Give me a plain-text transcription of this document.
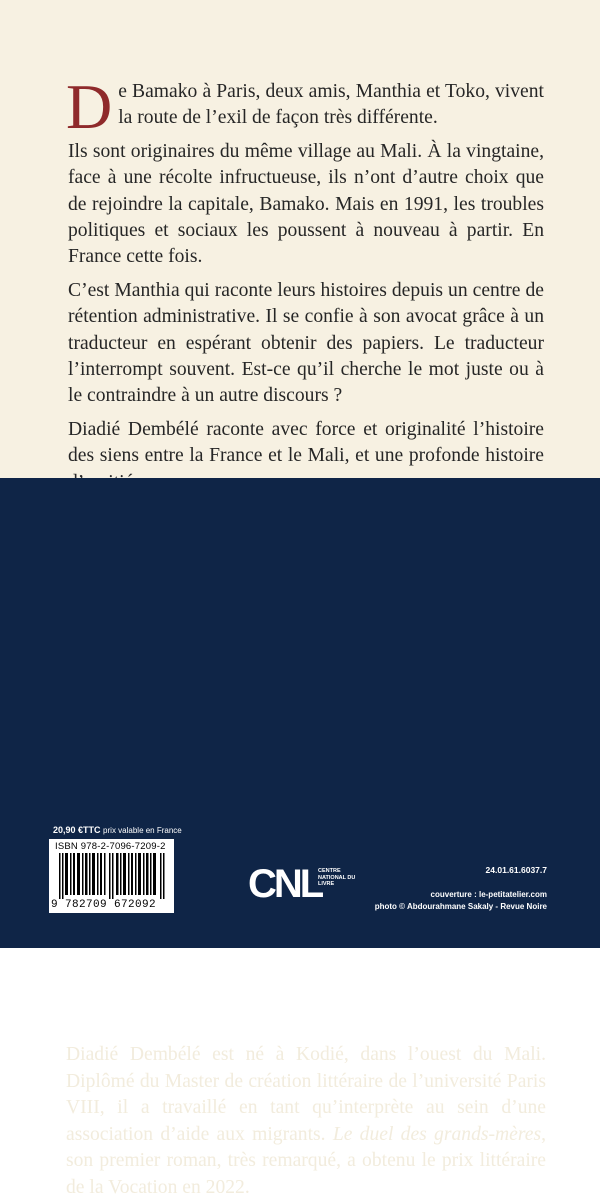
De Bamako à Paris, deux amis, Manthia et Toko, vivent la route de l’exil de façon très différente.

Ils sont originaires du même village au Mali. À la vingtaine, face à une récolte infructueuse, ils n’ont d’autre choix que de rejoindre la capitale, Bamako. Mais en 1991, les troubles politiques et sociaux les poussent à nouveau à partir. En France cette fois.

C’est Manthia qui raconte leurs histoires depuis un centre de rétention administrative. Il se confie à son avocat grâce à un traducteur en espérant obtenir des papiers. Le traducteur l’interrompt souvent. Est-ce qu’il cherche le mot juste ou à le contraindre à un autre discours ?

Diadié Dembélé raconte avec force et originalité l’histoire des siens entre la France et le Mali, et une profonde histoire

Diadié Dembélé est né à Kodié, dans l’ouest du Mali. Diplômé du Master de création littéraire de l’université Paris VIII, il a travaillé en tant qu’interprète au sein d’une association d’aide aux migrants. Le duel des grands-mères, son premier roman, très remarqué, a obtenu le prix littéraire de la Vocation en 2022.

20,90 €TTC prix valable en France
ISBN 978-2-7096-7209-2
9 782709 672092	CNL
CENTRE NATIONAL DU LIVRE
24.01.61.6037.7
couverture : le-petitatelier.com
photo © Abdourahmane Sakaly - Revue Noire
